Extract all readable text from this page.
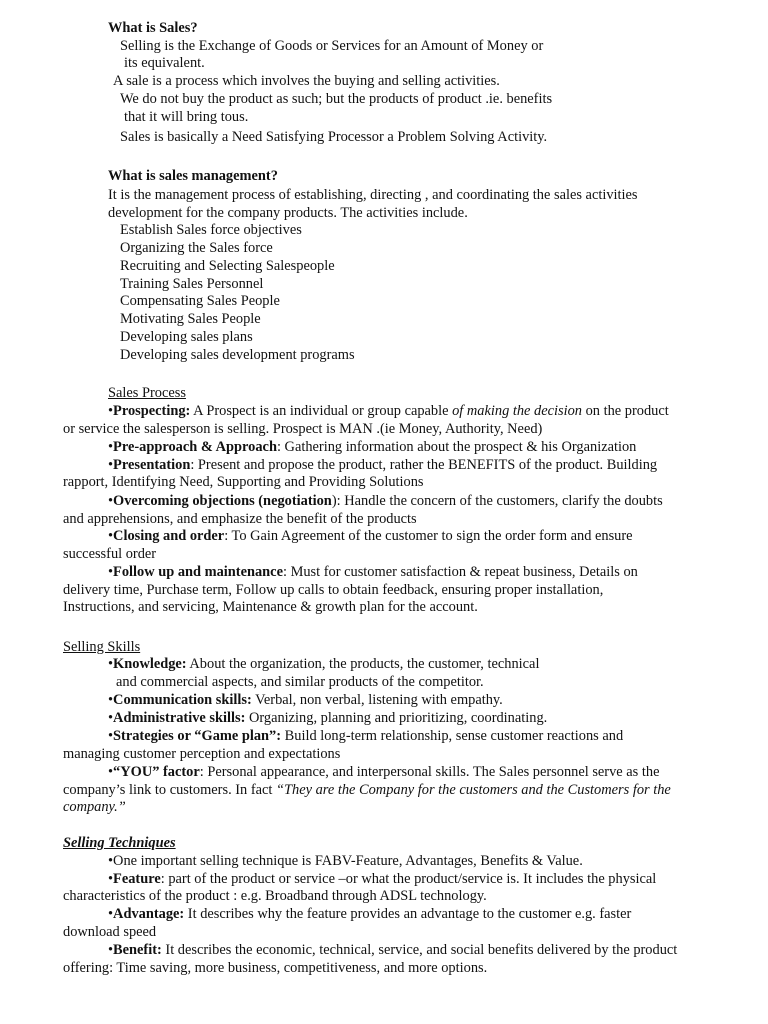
What is Sales?
Selling is the Exchange of Goods or Services for an Amount of Money or
its equivalent.
A sale is a process which involves the buying and selling activities.
We do not buy the product as such; but the products of product .ie. benefits
that it will bring tous.
Sales is basically a Need Satisfying Processor a Problem Solving Activity.
What is sales management?
It is the management process of establishing, directing , and coordinating the sales activities
development for the company products. The activities include.
Establish Sales force objectives
Organizing the Sales force
Recruiting and Selecting Salespeople
Training Sales Personnel
Compensating Sales People
Motivating Sales People
Developing sales plans
Developing sales development programs
Sales Process
•Prospecting: A Prospect is an individual or group capable of making the decision on the product
or service the salesperson is selling. Prospect is MAN .(ie Money, Authority, Need)
•Pre-approach & Approach: Gathering information about the prospect & his Organization
•Presentation: Present and propose the product, rather the BENEFITS of the product. Building
rapport, Identifying Need, Supporting and Providing Solutions
•Overcoming objections (negotiation): Handle the concern of the customers, clarify the doubts
and apprehensions, and emphasize the benefit of the products
•Closing and order: To Gain Agreement of the customer to sign the order form and ensure
successful order
•Follow up and maintenance: Must for customer satisfaction & repeat business, Details on
delivery time, Purchase term, Follow up calls to obtain feedback, ensuring proper installation,
Instructions, and servicing, Maintenance & growth plan for the account.
Selling Skills
•Knowledge: About the organization, the products, the customer, technical
and commercial aspects, and similar products of the competitor.
•Communication skills: Verbal, non verbal, listening with empathy.
•Administrative skills: Organizing, planning and prioritizing, coordinating.
•Strategies or “Game plan”: Build long-term relationship, sense customer reactions and
managing customer perception and expectations
•“YOU” factor: Personal appearance, and interpersonal skills. The Sales personnel serve as the
company’s link to customers. In fact “They are the Company for the customers and the Customers for the
company.”
Selling Techniques
•One important selling technique is FABV-Feature, Advantages, Benefits & Value.
•Feature: part of the product or service –or what the product/service is. It includes the physical
characteristics of the product : e.g. Broadband through ADSL technology.
•Advantage: It describes why the feature provides an advantage to the customer e.g. faster
download speed
•Benefit: It describes the economic, technical, service, and social benefits delivered by the product
offering: Time saving, more business, competitiveness, and more options.
